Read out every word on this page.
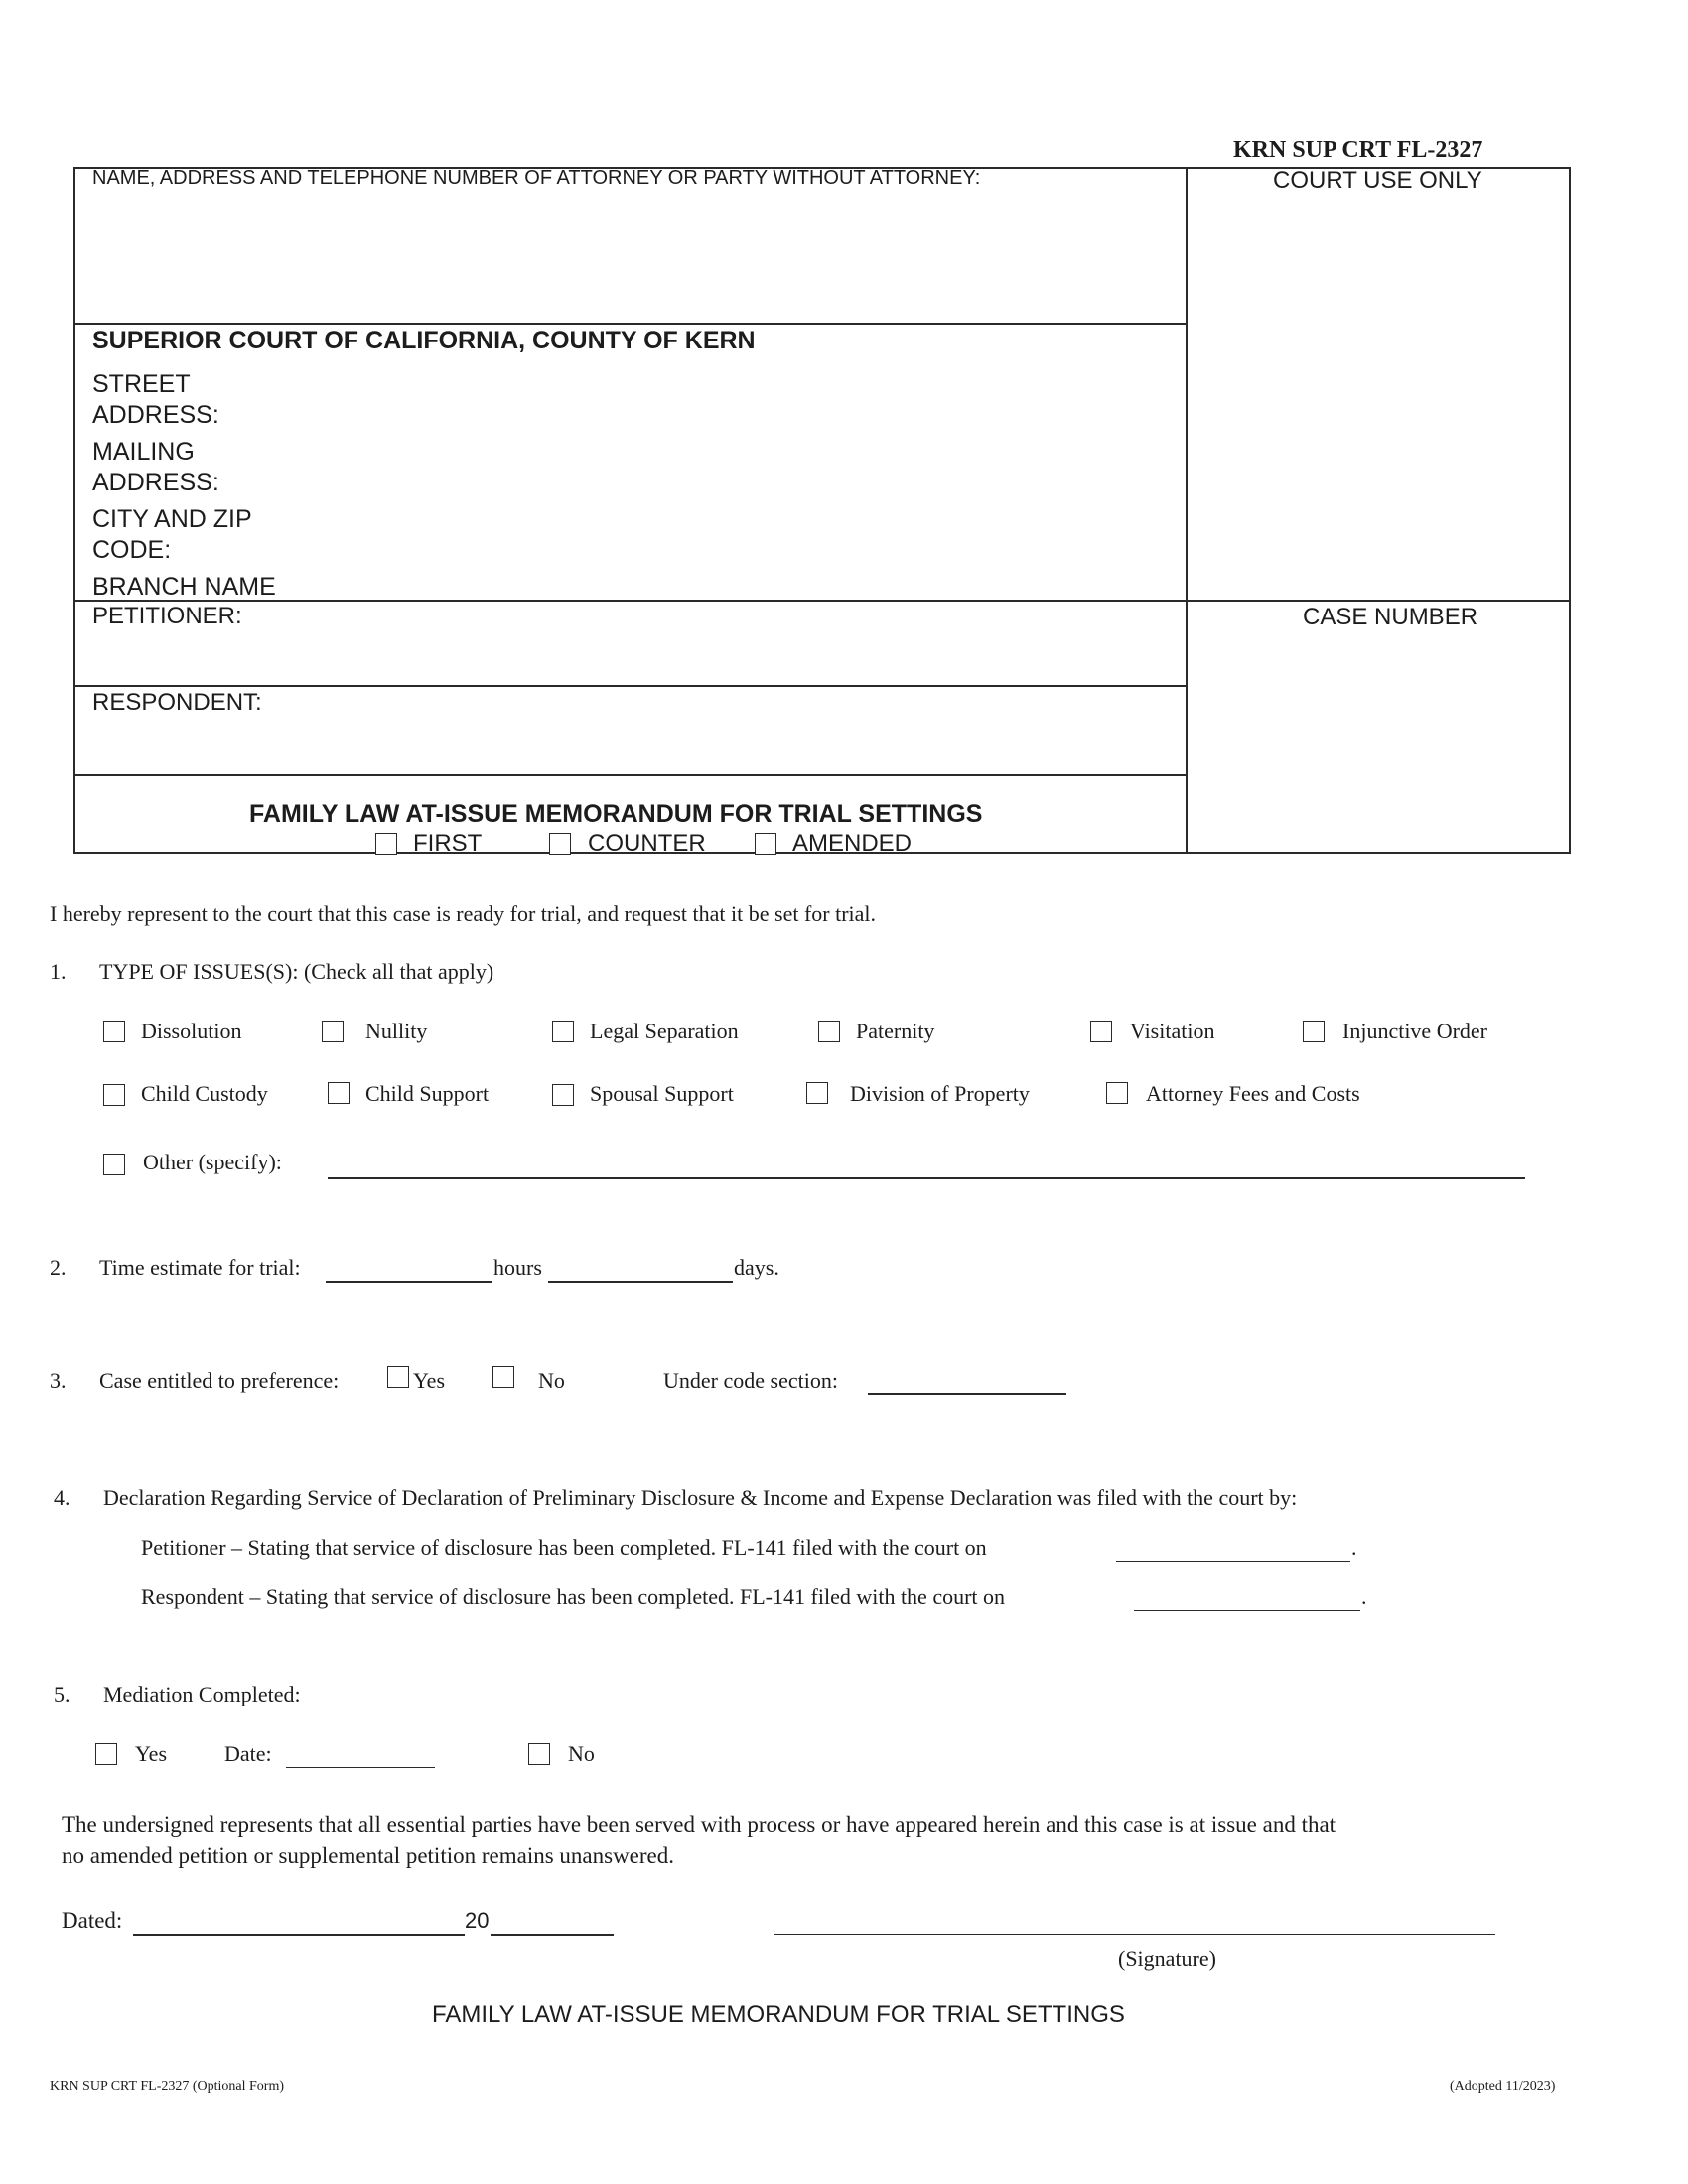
KRN SUP CRT FL-2327
NAME, ADDRESS AND TELEPHONE NUMBER OF ATTORNEY OR PARTY WITHOUT ATTORNEY:	COURT USE ONLY
SUPERIOR COURT OF CALIFORNIA, COUNTY OF KERN
STREET
ADDRESS:
MAILING
ADDRESS:
CITY AND ZIP
CODE:
BRANCH NAME
PETITIONER:
RESPONDENT:
CASE NUMBER
FAMILY LAW AT-ISSUE MEMORANDUM FOR TRIAL SETTINGS
FIRST	COUNTER	AMENDED
I hereby represent to the court that this case is ready for trial, and request that it be set for trial.
1. TYPE OF ISSUES(S): (Check all that apply)
Dissolution	Nullity	Legal Separation	Paternity	Visitation	Injunctive Order
Child Custody	Child Support	Spousal Support	Division of Property	Attorney Fees and Costs
Other (specify):
2. Time estimate for trial:	hours	days.
3. Case entitled to preference:	Yes	No	Under code section:
4. Declaration Regarding Service of Declaration of Preliminary Disclosure & Income and Expense Declaration was filed with the court by:
Petitioner – Stating that service of disclosure has been completed. FL-141 filed with the court on	.
Respondent – Stating that service of disclosure has been completed. FL-141 filed with the court on	.
5. Mediation Completed:
Yes	Date:	No
The undersigned represents that all essential parties have been served with process or have appeared herein and this case is at issue and that
no amended petition or supplemental petition remains unanswered.
Dated:	20
(Signature)
FAMILY LAW AT-ISSUE MEMORANDUM FOR TRIAL SETTINGS
KRN SUP CRT FL-2327 (Optional Form)	(Adopted 11/2023)
